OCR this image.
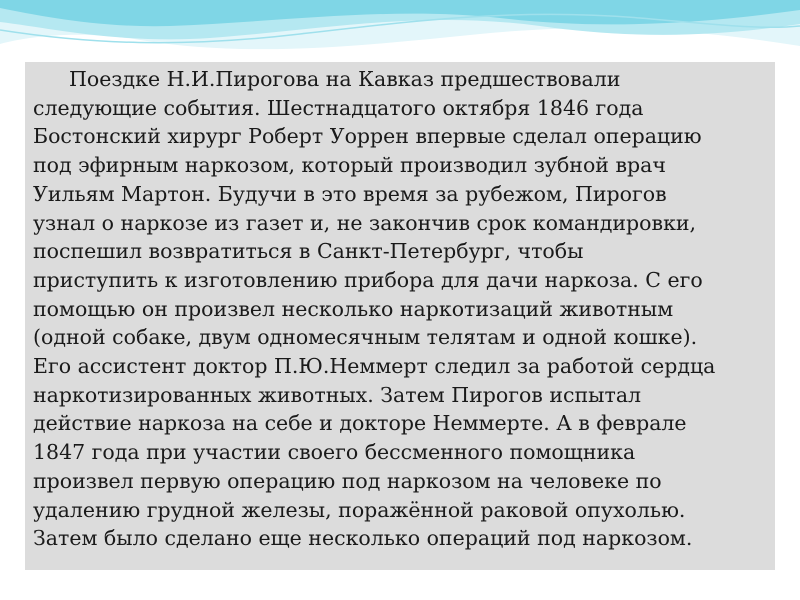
Поездке Н.И.Пирогова на Кавказ предшествовали
следующие события. Шестнадцатого октября 1846 года
Бостонский хирург Роберт Уоррен впервые сделал операцию
под эфирным наркозом, который производил зубной врач
Уильям Мартон. Будучи в это время за рубежом, Пирогов
узнал о наркозе из газет и, не закончив срок командировки,
поспешил возвратиться в Санкт-Петербург, чтобы
приступить к изготовлению прибора для дачи наркоза. С его
помощью он произвел несколько наркотизаций животным
(одной собаке, двум одномесячным телятам и одной кошке).
Его ассистент доктор П.Ю.Неммерт следил за работой сердца
наркотизированных животных. Затем Пирогов испытал
действие наркоза на себе и докторе Неммерте. А в феврале
1847 года при участии своего бессменного помощника
произвел первую операцию под наркозом на человеке по
удалению грудной железы, поражённой раковой опухолью.
Затем было сделано еще несколько операций под наркозом.
